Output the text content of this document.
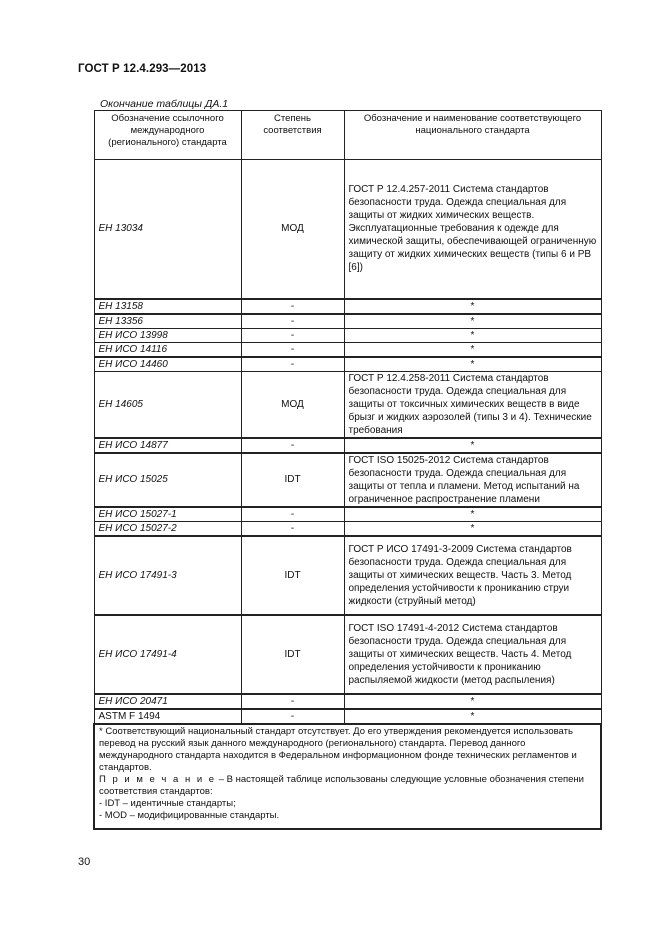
ГОСТ Р 12.4.293—2013
Окончание таблицы ДА.1
Обозначение ссылочного международного (регионального) стандарта	Степень соответствия	Обозначение и наименование соответствующего национального стандарта
ЕН 13034	МОД	ГОСТ Р 12.4.257-2011 Система стандартов безопасности труда. Одежда специальная для защиты от жидких химических веществ. Эксплуатационные требования к одежде для химической защиты, обеспечивающей ограниченную защиту от жидких химических веществ (типы 6 и PB [6])
ЕН 13158	-	*
ЕН 13356	-	*
ЕН ИСО 13998	-	*
ЕН ИСО 14116	-	*
ЕН ИСО 14460	-	*
ЕН 14605	МОД	ГОСТ Р 12.4.258-2011 Система стандартов безопасности труда. Одежда специальная для защиты от токсичных химических веществ в виде брызг и жидких аэрозолей (типы 3 и 4). Технические требования
ЕН ИСО 14877	-	*
ЕН ИСО 15025	IDT	ГОСТ ISO 15025-2012 Система стандартов безопасности труда. Одежда специальная для защиты от тепла и пламени. Метод испытаний на ограниченное распространение пламени
ЕН ИСО 15027-1	-	*
ЕН ИСО 15027-2	-	*
ЕН ИСО 17491-3	IDT	ГОСТ Р ИСО 17491-3-2009 Система стандартов безопасности труда. Одежда специальная для защиты от химических веществ. Часть 3. Метод определения устойчивости к прониканию струи жидкости (струйный метод)
ЕН ИСО 17491-4	IDT	ГОСТ ISO 17491-4-2012 Система стандартов безопасности труда. Одежда специальная для защиты от химических веществ. Часть 4. Метод определения устойчивости к прониканию распыляемой жидкости (метод распыления)
ЕН ИСО 20471	-	*
ASTM F 1494	-	*

* Соответствующий национальный стандарт отсутствует. До его утверждения рекомендуется использовать перевод на русский язык данного международного (регионального) стандарта. Перевод данного международного стандарта находится в Федеральном информационном фонде технических регламентов и стандартов.
П р и м е ч а н и е – В настоящей таблице использованы следующие условные обозначения степени соответствия стандартов:
- IDT – идентичные стандарты;
- MOD – модифицированные стандарты.		
30
